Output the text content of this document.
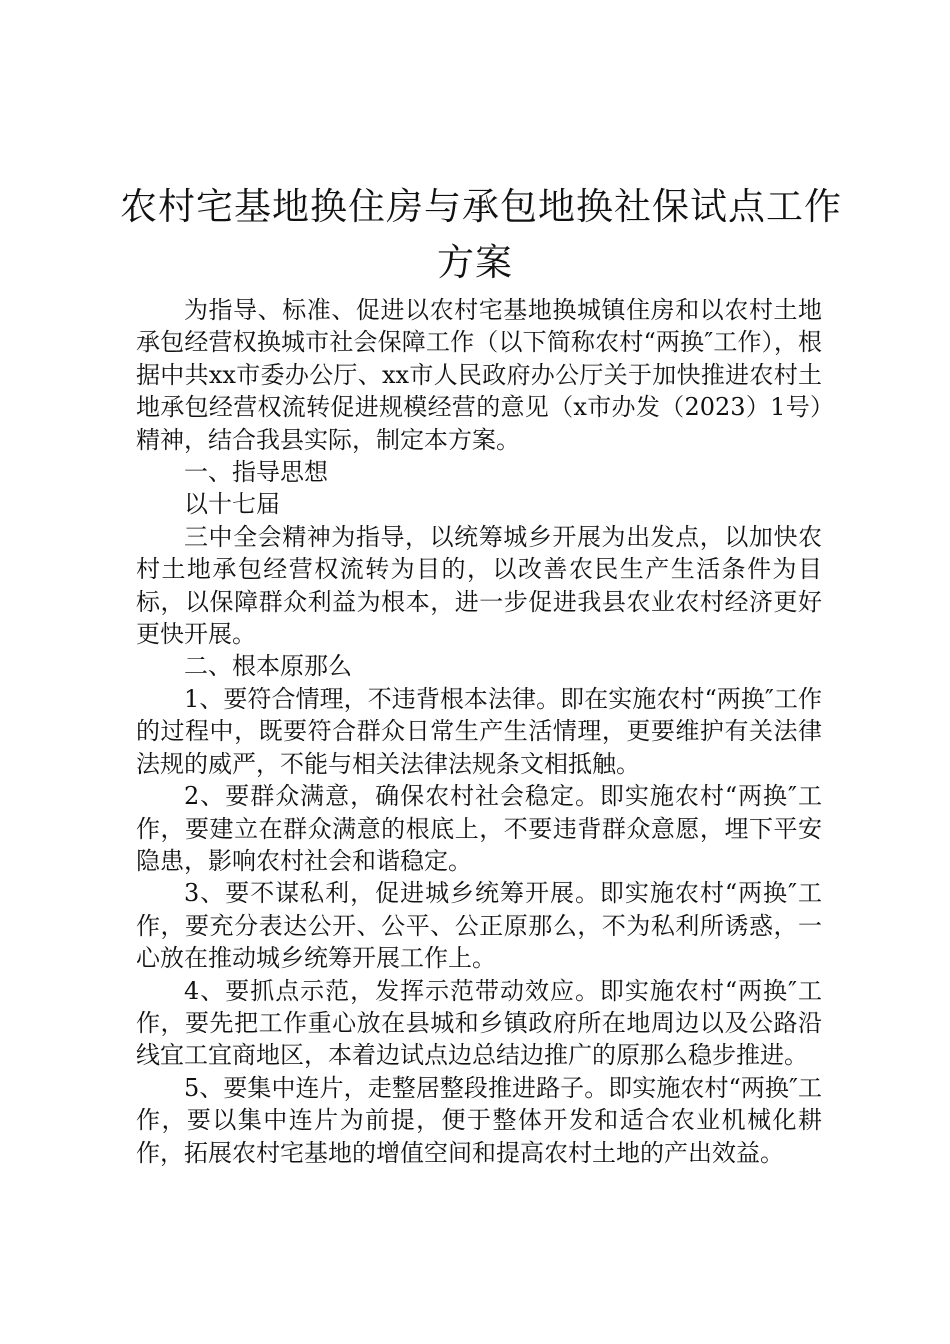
农村宅基地换住房与承包地换社保试点工作
方案

为指导、标准、促进以农村宅基地换城镇住房和以农村土地承包经营权换城市社会保障工作（以下简称农村“两换″工作），根据中共xx市委办公厅、xx市人民政府办公厅关于加快推进农村土地承包经营权流转促进规模经营的意见（x市办发（2023）1号）精神，结合我县实际，制定本方案。

一、指导思想

以十七届

三中全会精神为指导，以统筹城乡开展为出发点，以加快农村土地承包经营权流转为目的，以改善农民生产生活条件为目标，以保障群众利益为根本，进一步促进我县农业农村经济更好更快开展。

二、根本原那么

1、要符合情理，不违背根本法律。即在实施农村“两换″工作的过程中，既要符合群众日常生产生活情理，更要维护有关法律法规的威严，不能与相关法律法规条文相抵触。

2、要群众满意，确保农村社会稳定。即实施农村“两换″工作，要建立在群众满意的根底上，不要违背群众意愿，埋下平安隐患，影响农村社会和谐稳定。

3、要不谋私利，促进城乡统筹开展。即实施农村“两换″工作，要充分表达公开、公平、公正原那么，不为私利所诱惑，一心放在推动城乡统筹开展工作上。

4、要抓点示范，发挥示范带动效应。即实施农村“两换″工作，要先把工作重心放在县城和乡镇政府所在地周边以及公路沿线宜工宜商地区，本着边试点边总结边推广的原那么稳步推进。

5、要集中连片，走整居整段推进路子。即实施农村“两换″工作，要以集中连片为前提，便于整体开发和适合农业机械化耕作，拓展农村宅基地的增值空间和提高农村土地的产出效益。
